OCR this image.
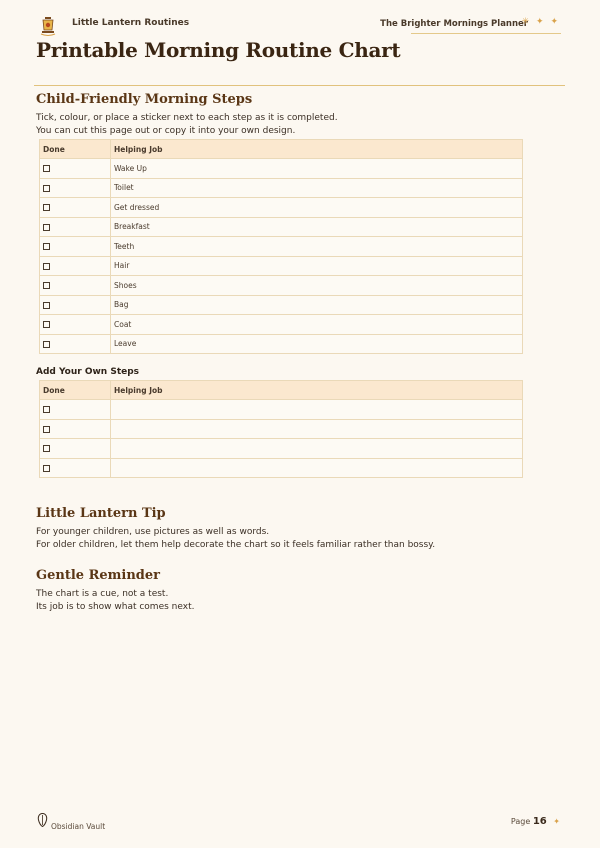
Little Lantern Routines	The Brighter Mornings Planner
✳ ✦ ✦
Printable Morning Routine Chart
Child-Friendly Morning Steps
Tick, colour, or place a sticker next to each step as it is completed.
You can cut this page out or copy it into your own design.
Done	Helping Job
	Wake Up
	Toilet
	Get dressed
	Breakfast
	Teeth
	Hair
	Shoes
	Bag
	Coat
	Leave
Add Your Own Steps
Done	Helping Job

Little Lantern Tip
For younger children, use pictures as well as words.
For older children, let them help decorate the chart so it feels familiar rather than bossy.
Gentle Reminder
The chart is a cue, not a test.
Its job is to show what comes next.
Obsidian Vault
Page 16 ✦
